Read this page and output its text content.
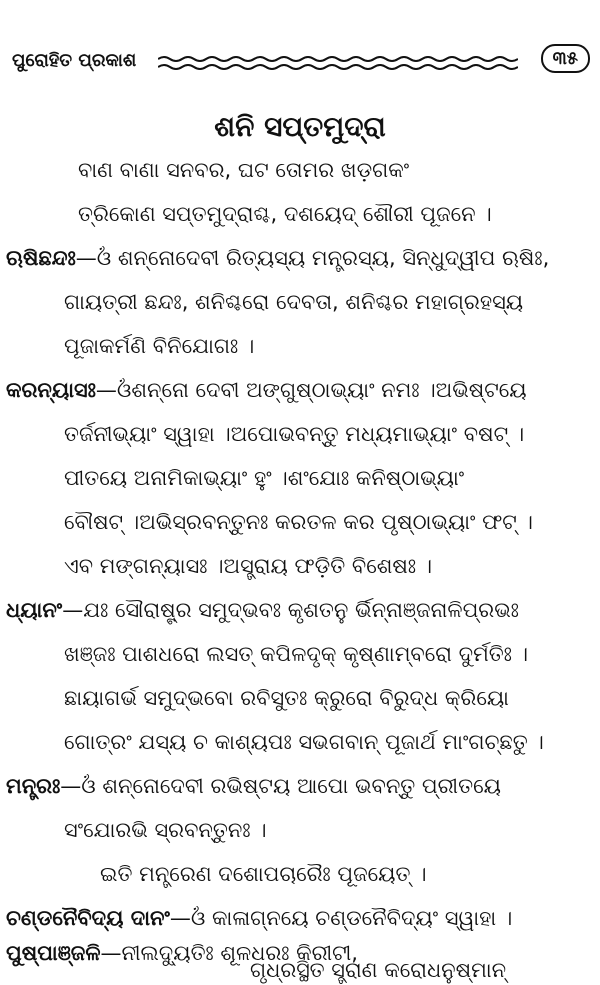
ପୁରୋହିତ ପ୍ରକାଶ	୩୫
ଶନି ସପ୍ତମୁଦ୍ରା
ବାଣ ବାଣା ସନବର, ଘଟ ତୋମର ଖଡ଼ଗକଂ
ତ୍ରିକୋଣ ସପ୍ତମୁଦ୍ରାଶ୍ଚ, ଦଶୟେଦ୍ ଶୌରୀ ପୂଜନେ ।
ଋଷିଛନ୍ଦଃ—ଓଁ ଶନ୍ନୋଦେବୀ ରିତ୍ୟସ୍ୟ ମନ୍ତ୍ରସ୍ୟ, ସିନ୍ଧୁଦ୍ୱୀପ ଋଷିଃ,
ଗାୟତ୍ରୀ ଛନ୍ଦଃ, ଶନିଶ୍ଚରୋ ଦେବତା, ଶନିଶ୍ଚର ମହାଗ୍ରହସ୍ୟ
ପୂଜାକର୍ମଣି ବିନିଯୋଗଃ ।
କରନ୍ୟାସଃ—ଓଁଶନ୍ନୋ ଦେବୀ ଅଙ୍ଗୁଷ୍ଠାଭ୍ୟାଂ ନମଃ ।ଅଭିଷ୍ଟୟେ
ତର୍ଜନୀଭ୍ୟାଂ ସ୍ୱାହା ।ଅପୋଭବନ୍ତୁ ମଧ୍ୟମାଭ୍ୟାଂ ବଷଟ୍ ।
ପୀତୟେ ଅନାମିକାଭ୍ୟାଂ ହୁଂ ।ଶଂଯୋଃ କନିଷ୍ଠାଭ୍ୟାଂ
ବୌଷଟ୍ ।ଅଭିସ୍ରବନ୍ତୁନଃ କରତଳ କର ପୃଷ୍ଠାଭ୍ୟାଂ ଫଟ୍ ।
ଏବ ମଙ୍ଗନ୍ୟାସଃ ।ଅସ୍ତ୍ରାୟ ଫଡ଼ିତି ବିଶେଷଃ ।
ଧ୍ୟାନଂ—ଯଃ ସୌରାଷ୍ଟ୍ର ସମୁଦ୍ଭବଃ କୃଶତନୁ ର୍ଭିନ୍ନାଞ୍ଜନାଳିପ୍ରଭଃ
ଖଞ୍ଜଃ ପାଶଧରୋ ଲସତ୍ କପିଳଦୃକ୍ କୃଷ୍ଣାମ୍ବରୋ ଦୁର୍ମତିଃ ।
ଛାୟାଗର୍ଭ ସମୁଦ୍ଭବୋ ରବିସୁତଃ କ୍ରୁରୋ ବିରୁଦ୍ଧ କ୍ରିୟୋ
ଗୋତ୍ରଂ ଯସ୍ୟ ଚ କାଶ୍ୟପଃ ସଭଗବାନ୍ ପୂଜାର୍ଥ ମାଂଗଚ୍ଛତୁ ।
ମନ୍ତ୍ରଃ—ଓଁ ଶନ୍ନୋଦେବୀ ରଭିଷ୍ଟୟ ଆପୋ ଭବନ୍ତୁ ପ୍ରୀତୟେ
ସଂଯୋରଭି ସ୍ରବନ୍ତୁନଃ ।
ଇତି ମନ୍ତ୍ରେଣ ଦଶୋପଚାରୈଃ ପୂଜୟେତ୍ ।
ଚଣ୍ଡନୈବିଦ୍ୟ ଦାନଂ—ଓଁ କାଳାଗ୍ନୟେ ଚଣ୍ଡନୈବିଦ୍ୟଂ ସ୍ୱାହା ।
ପୁଷ୍ପାଞ୍ଜଳି—ନୀଲଦ୍ୟୁତିଃ ଶୂଳଧରଃ କିରୀଟୀ,
ଗୃଧ୍ରସ୍ଥିତ ସ୍ତ୍ରାଣ କରୋଧନୁଷ୍ମାନ୍
